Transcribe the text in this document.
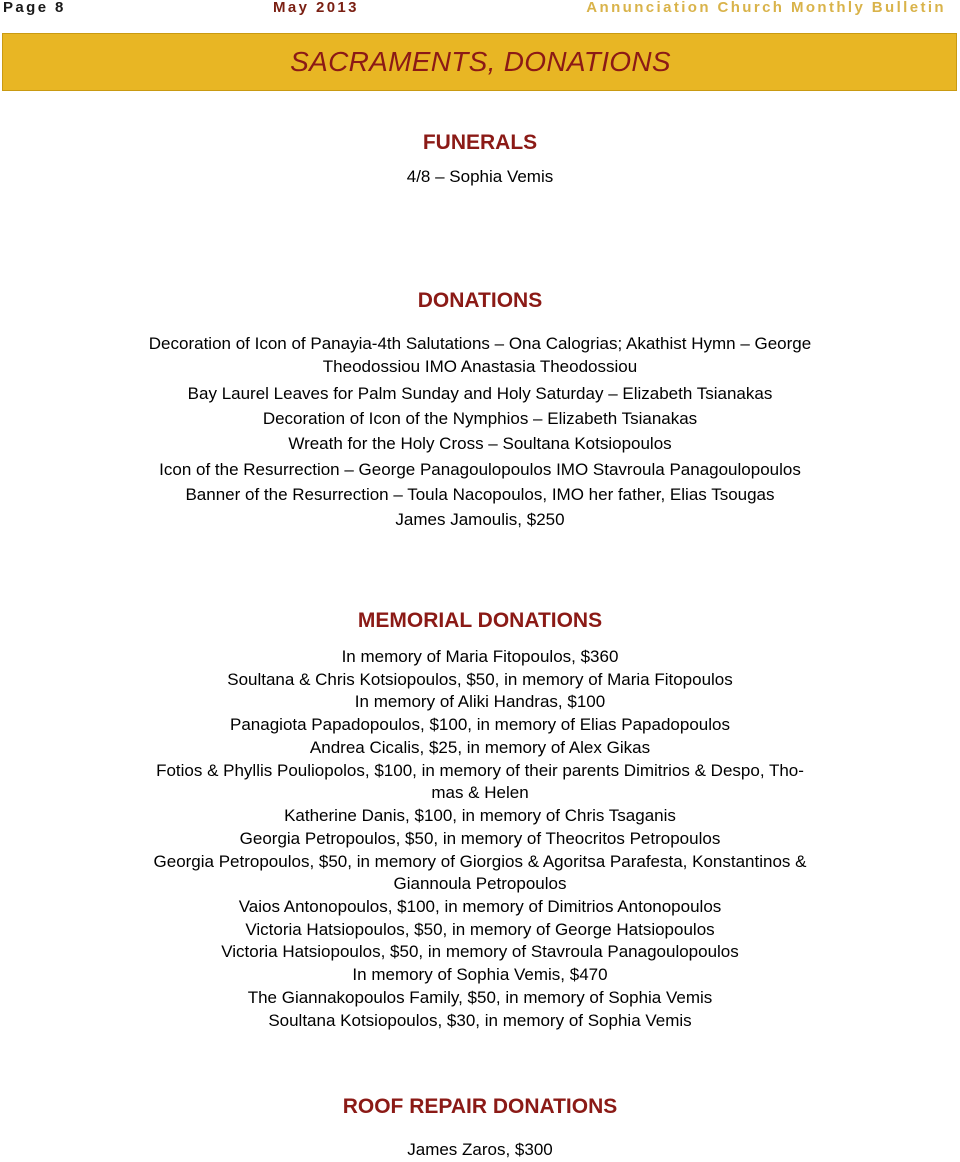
Page 8	May 2013	Annunciation Church Monthly Bulletin
SACRAMENTS, DONATIONS
FUNERALS
4/8 – Sophia Vemis
DONATIONS
Decoration of Icon of Panayia-4th Salutations – Ona Calogrias; Akathist Hymn – George
Theodossiou IMO Anastasia Theodossiou
Bay Laurel Leaves for Palm Sunday and Holy Saturday – Elizabeth Tsianakas
Decoration of Icon of the Nymphios – Elizabeth Tsianakas
Wreath for the Holy Cross – Soultana Kotsiopoulos
Icon of the Resurrection – George Panagoulopoulos IMO Stavroula Panagoulopoulos
Banner of the Resurrection – Toula Nacopoulos, IMO her father, Elias Tsougas
James Jamoulis, $250
MEMORIAL DONATIONS
In memory of Maria Fitopoulos, $360
Soultana & Chris Kotsiopoulos, $50, in memory of Maria Fitopoulos
In memory of Aliki Handras, $100
Panagiota Papadopoulos, $100, in memory of Elias Papadopoulos
Andrea Cicalis, $25, in memory of Alex Gikas
Fotios & Phyllis Pouliopolos, $100, in memory of their parents Dimitrios & Despo, Tho-
mas & Helen
Katherine Danis, $100, in memory of Chris Tsaganis
Georgia Petropoulos, $50, in memory of Theocritos Petropoulos
Georgia Petropoulos, $50, in memory of Giorgios & Agoritsa Parafesta, Konstantinos &
Giannoula Petropoulos
Vaios Antonopoulos, $100, in memory of Dimitrios Antonopoulos
Victoria Hatsiopoulos, $50, in memory of George Hatsiopoulos
Victoria Hatsiopoulos, $50, in memory of Stavroula Panagoulopoulos
In memory of Sophia Vemis, $470
The Giannakopoulos Family, $50, in memory of Sophia Vemis
Soultana Kotsiopoulos, $30, in memory of Sophia Vemis
ROOF REPAIR DONATIONS
James Zaros, $300
